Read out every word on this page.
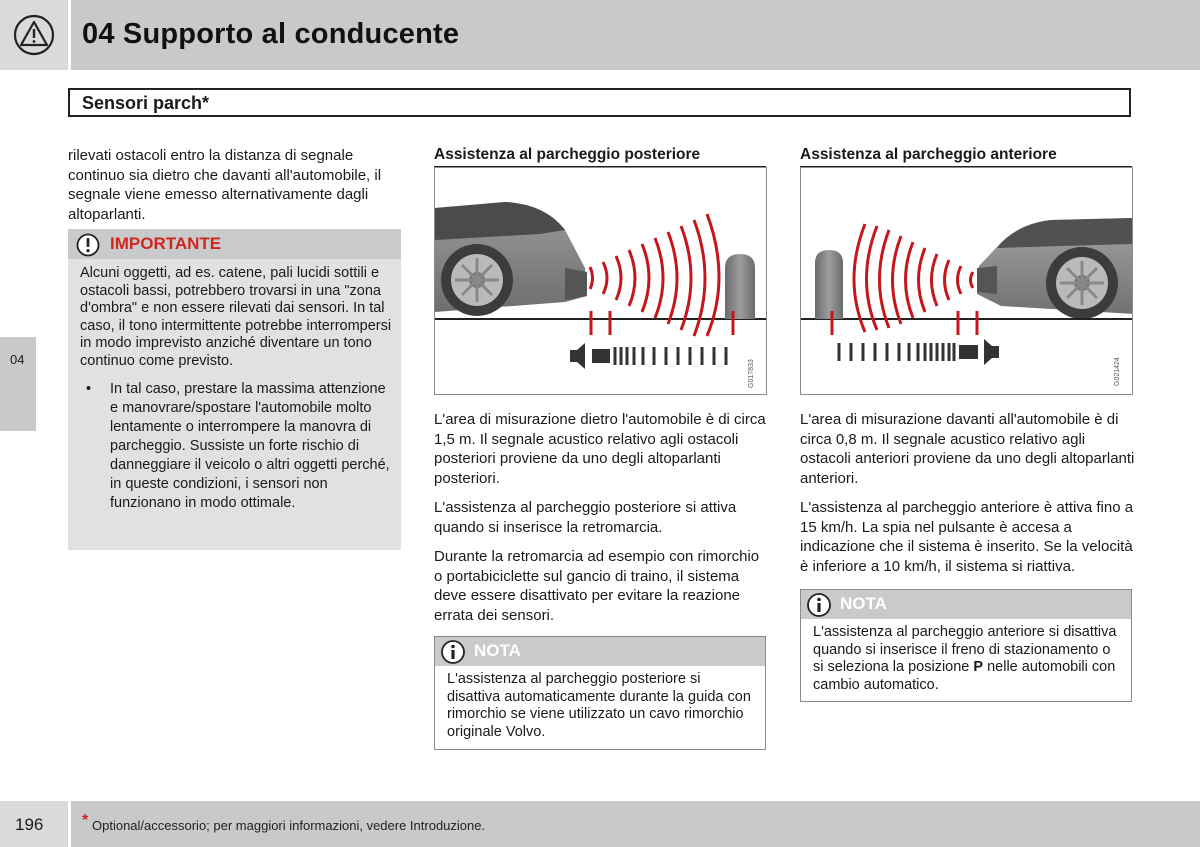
04 Supporto al conducente
Sensori parch*
04

rilevati ostacoli entro la distanza di segnale continuo sia dietro che davanti all'automobile, il segnale viene emesso alternativamente dagli altoparlanti.

IMPORTANTE
Alcuni oggetti, ad es. catene, pali lucidi sottili e ostacoli bassi, potrebbero trovarsi in una "zona d'ombra" e non essere rilevati dai sensori. In tal caso, il tono intermittente potrebbe interrompersi in modo imprevisto anziché diventare un tono continuo come previsto.
• In tal caso, prestare la massima attenzione e manovrare/spostare l'automobile molto lentamente o interrompere la manovra di parcheggio. Sussiste un forte rischio di danneggiare il veicolo o altri oggetti perché, in queste condizioni, i sensori non funzionano in modo ottimale.
Assistenza al parcheggio posteriore
G017833

L'area di misurazione dietro l'automobile è di circa 1,5 m. Il segnale acustico relativo agli ostacoli posteriori proviene da uno degli altoparlanti posteriori.

L'assistenza al parcheggio posteriore si attiva quando si inserisce la retromarcia.

Durante la retromarcia ad esempio con rimorchio o portabiciclette sul gancio di traino, il sistema deve essere disattivato per evitare la reazione errata dei sensori.

NOTA
L'assistenza al parcheggio posteriore si disattiva automaticamente durante la guida con rimorchio se viene utilizzato un cavo rimorchio originale Volvo.
Assistenza al parcheggio anteriore
G021424

L'area di misurazione davanti all'automobile è di circa 0,8 m. Il segnale acustico relativo agli ostacoli anteriori proviene da uno degli altoparlanti anteriori.

L'assistenza al parcheggio anteriore è attiva fino a 15 km/h. La spia nel pulsante è accesa a indicazione che il sistema è inserito. Se la velocità è inferiore a 10 km/h, il sistema si riattiva.

NOTA
L'assistenza al parcheggio anteriore si disattiva quando si inserisce il freno di stazionamento o si seleziona la posizione P nelle automobili con cambio automatico.
196 * Optional/accessorio; per maggiori informazioni, vedere Introduzione.
